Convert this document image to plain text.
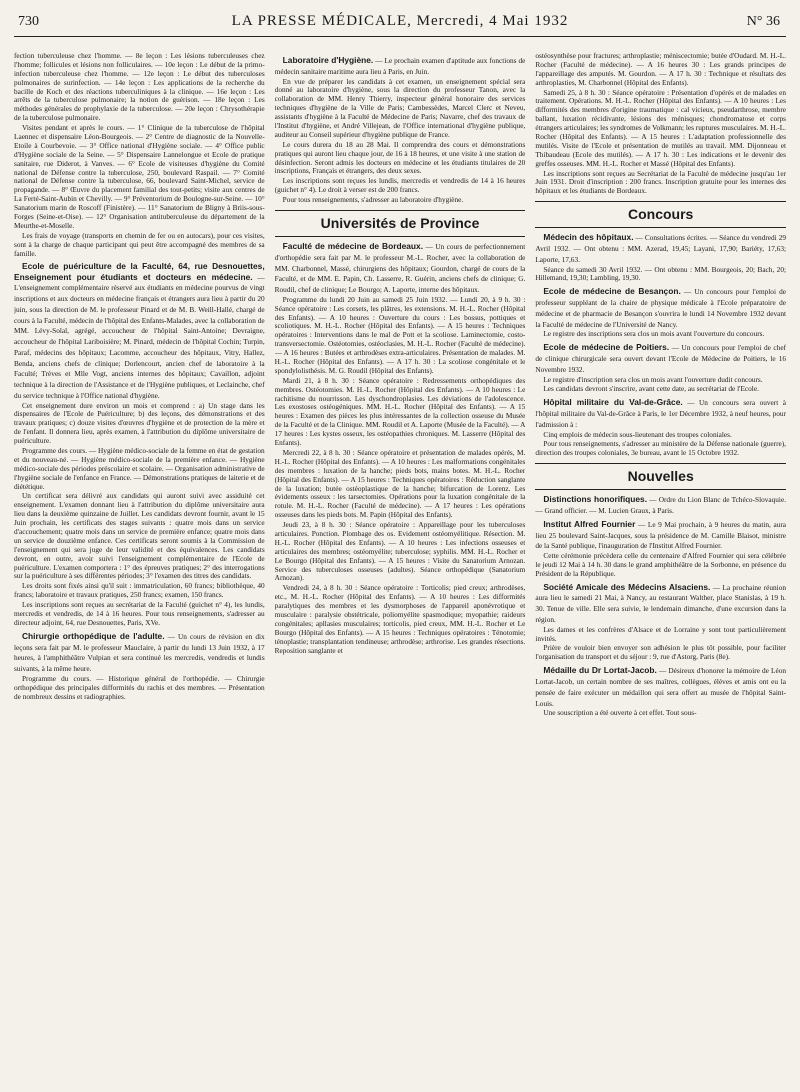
730	LA PRESSE MÉDICALE, Mercredi, 4 Mai 1932	N° 36

fection tuberculeuse chez l'homme. — 8e leçon : Les lésions tuberculeuses chez l'homme; follicules et lésions non folliculaires. — 10e leçon : Le début de la primo-infection tuberculeuse chez l'homme. — 12e leçon : Le début des tuberculoses pulmonaires de surinfection. — 14e leçon : Les applications de la recherche du bacille de Koch et des réactions tuberculiniques à la clinique. — 16e leçon : Les arrêts de la tuberculose pulmonaire; la notion de guérison. — 18e leçon : Les méthodes générales de prophylaxie de la tuberculose. — 20e leçon : Chrysothérapie de la tuberculose pulmonaire.

Visites pendant et après le cours. — 1° Clinique de la tuberculose de l'hôpital Laennec et dispensaire Léon-Bourgeois. — 2° Centre de diagnostic de la Nouvelle-Etoile à Courbevoie. — 3° Office national d'Hygiène sociale. — 4° Office public d'Hygiène sociale de la Seine. — 5° Dispensaire Lannelongue et Ecole de pratique sanitaire, rue Diderot, à Vanves. — 6° Ecole de visiteuses d'hygiène du Comité national de Défense contre la tuberculose, 250, boulevard Raspail. — 7° Comité national de Défense contre la tuberculose, 66, boulevard Saint-Michel, service de propagande. — 8° Œuvre du placement familial des tout-petits; visite aux centres de La Ferté-Saint-Aubin et Chevilly. — 9° Préventorium de Boulogne-sur-Seine. — 10° Sanatorium marin de Roscoff (Finistère). — 11° Sanatorium de Bligny à Briis-sous-Forges (Seine-et-Oise). — 12° Organisation antituberculeuse du département de la Meurthe-et-Moselle.

Les frais de voyage (transports en chemin de fer ou en autocars), pour ces visites, sont à la charge de chaque participant qui peut être accompagné des membres de sa famille.

Ecole de puériculture de la Faculté, 64, rue Desnouettes, Enseignement pour étudiants et docteurs en médecine. — L'enseignement complémentaire réservé aux étudiants en médecine pourvus de vingt inscriptions et aux docteurs en médecine français et étrangers aura lieu à partir du 20 juin, sous la direction de M. le professeur Pinard et de M. B. Weill-Hallé, chargé de cours à la Faculté, médecin de l'hôpital des Enfants-Malades, avec la collaboration de MM. Lévy-Solal, agrégé, accoucheur de l'hôpital Saint-Antoine; Devraigne, accoucheur de l'hôpital Lariboisière; M. Pinard, médecin de l'hôpital Cochin; Turpin, Paraf, médecins des hôpitaux; Lacomme, accoucheur des hôpitaux, Vitry, Hallez, Benda, anciens chefs de clinique; Dorlencourt, ancien chef de laboratoire à la Faculté; Trèves et Mlle Vogt, anciens internes des hôpitaux; Cavaillon, adjoint technique à la direction de l'Assistance et de l'Hygiène publiques, et Leclainche, chef du service technique à l'Office national d'hygiène.

Cet enseignement dure environ un mois et comprend : a) Un stage dans les dispensaires de l'Ecole de Puériculture; b) des leçons, des démonstrations et des travaux pratiques; c) douze visites d'œuvres d'hygiène et de protection de la mère et de l'enfant. Il donnera lieu, après examen, à l'attribution du diplôme universitaire de puériculture.

Programme des cours. — Hygiène médico-sociale de la femme en état de gestation et du nouveau-né. — Hygiène médico-sociale de la première enfance. — Hygiène médico-sociale des périodes préscolaire et scolaire. — Organisation administrative de l'hygiène sociale de l'enfance en France. — Démonstrations pratiques de laiterie et de diététique.

Un certificat sera délivré aux candidats qui auront suivi avec assiduité cet enseignement. L'examen donnant lieu à l'attribution du diplôme universitaire aura lieu dans la deuxième quinzaine de Juillet. Les candidats devront fournir, avant le 15 Juin prochain, les certificats des stages suivants : quatre mois dans un service d'accouchement; quatre mois dans un service de première enfance; quatre mois dans un service de douzième enfance. Ces certificats seront soumis à la Commission de l'enseignement qui sera juge de leur validité et des équivalences. Les candidats devront, en outre, avoir suivi l'enseignement complémentaire de l'Ecole de puériculture. L'examen comportera : 1° des épreuves pratiques; 2° des interrogations sur la puériculture à ses différentes périodes; 3° l'examen des titres des candidats.

Les droits sont fixés ainsi qu'il suit : immatriculation, 60 francs; bibliothèque, 40 francs; laboratoire et travaux pratiques, 250 francs; examen, 150 francs.

Les inscriptions sont reçues au secrétariat de la Faculté (guichet n° 4), les lundis, mercredis et vendredis, de 14 à 16 heures. Pour tous renseignements, s'adresser au directeur adjoint, 64, rue Desnouettes, Paris, XVe.

Chirurgie orthopédique de l'adulte. — Un cours de révision en dix leçons sera fait par M. le professeur Mauclaire, à partir du lundi 13 Juin 1932, à 17 heures, à l'amphithéâtre Vulpian et sera continué les mercredis, vendredis et lundis suivants, à la même heure.

Programme du cours. — Historique général de l'orthopédie. — Chirurgie orthopédique des principales difformités du rachis et des membres. — Présentation de nombreux dessins et radiographies.

Laboratoire d'Hygiène. — Le prochain examen d'aptitude aux fonctions de médecin sanitaire maritime aura lieu à Paris, en Juin.

En vue de préparer les candidats à cet examen, un enseignement spécial sera donné au laboratoire d'hygiène, sous la direction du professeur Tanon, avec la collaboration de MM. Henry Thierry, inspecteur général honoraire des services techniques d'hygiène de la Ville de Paris; Cambessèdes, Marcel Clerc et Neveu, assistants d'hygiène à la Faculté de Médecine de Paris; Navarre, chef des travaux de l'Institut d'hygiène, et André Villejean, de l'Office international d'hygiène publique, auditeur au Conseil supérieur d'hygiène publique de France.

Le cours durera du 18 au 28 Mai. Il comprendra des cours et démonstrations pratiques qui auront lieu chaque jour, de 16 à 18 heures, et une visite à une station de désinfection. Seront admis les docteurs en médecine et les étudiants titulaires de 20 inscriptions, Français et étrangers, des deux sexes.

Les inscriptions sont reçues les lundis, mercredis et vendredis de 14 à 16 heures (guichet n° 4). Le droit à verser est de 200 francs.

Pour tous renseignements, s'adresser au laboratoire d'hygiène.

Universités de Province
Faculté de médecine de Bordeaux. — Un cours de perfectionnement d'orthopédie sera fait par M. le professeur M.-L. Rocher, avec la collaboration de MM. Charbonnel, Massé, chirurgiens des hôpitaux; Gourdon, chargé de cours de la Faculté, et de MM. E. Papin, Ch. Lasserre, R. Guérin, anciens chefs de clinique; G. Roudil, chef de clinique; Le Bourgo; A. Laporte, interne des hôpitaux.

Programme du lundi 20 Juin au samedi 25 Juin 1932. — Lundi 20, à 9 h. 30 : Séance opératoire : Les corsets, les plâtres, les extensions. M. H.-L. Rocher (Hôpital des Enfants). — A 10 heures : Ouverture du cours : Les bossus, pottiques et scoliotiques. M. H.-L. Rocher (Hôpital des Enfants). — A 15 heures : Techniques opératoires : Interventions dans le mal de Pott et la scoliose. Laminectomie, costo-transversectomie. Ostéotomies, ostéoclasies, M. H.-L. Rocher (Faculté de médecine). — A 16 heures : Butées et arthrodèses extra-articulaires. Présentation de malades. M. H.-L. Rocher (Hôpital des Enfants). — A 17 h. 30 : La scoliose congénitale et le spondylolisthésis. M. G. Roudil (Hôpital des Enfants).

Mardi 21, à 8 h. 30 : Séance opératoire : Redressements orthopédiques des membres. Ostéotomies. M. H.-L. Rocher (Hôpital des Enfants). — A 10 heures : Le rachitisme du nourrisson. Les dyschondroplasies. Les déviations de l'adolescence. Les exostoses ostéogéniques. MM. H.-L. Rocher (Hôpital des Enfants). — A 15 heures : Examen des pièces les plus intéressantes de la collection osseuse du Musée de la Faculté et de la Clinique. MM. Roudil et A. Laporte (Musée de la Faculté). — A 17 heures : Les kystes osseux, les ostéopathies chroniques. M. Lasserre (Hôpital des Enfants).

Mercredi 22, à 8 h. 30 : Séance opératoire et présentation de malades opérés, M. H.-L. Rocher (Hôpital des Enfants). — A 10 heures : Les malformations congénitales des membres : luxation de la hanche; pieds bots, mains botes. M. H.-L. Rocher (Hôpital des Enfants). — A 15 heures : Techniques opératoires : Réduction sanglante de la luxation; butée ostéoplastique de la hanche; bifurcation de Lorenz. Les évidements osseux : les tarsectomies. Opérations pour la luxation congénitale de la rotule. M. H.-L. Rocher (Faculté de médecine). — A 17 heures : Les opérations osseuses dans les pieds bots. M. Papin (Hôpital des Enfants).

Jeudi 23, à 8 h. 30 : Séance opératoire : Appareillage pour les tuberculoses articulaires. Ponction. Plombage des os. Evidement ostéomyélitique. Résection. M. H.-L. Rocher (Hôpital des Enfants). — A 10 heures : Les infections osseuses et articulaires des membres; ostéomyélite; tuberculose; syphilis. MM. H.-L. Rocher et Le Bourgo (Hôpital des Enfants). — A 15 heures : Visite du Sanatorium Arnozan. Service des tuberculoses osseuses (adultes). Séance orthopédique (Sanatorium Arnozan).

Vendredi 24, à 8 h. 30 : Séance opératoire : Torticolis; pied creux; arthrodèses, etc., M. H.-L. Rocher (Hôpital des Enfants). — A 10 heures : Les difformités paralytiques des membres et les dysmorphoses de l'appareil aponévrotique et musculaire : paralysie obstétricale, poliomyélite spasmodique; myopathie; raideurs congénitales; apllasies musculaires; torticolis, pied creux, MM. H.-L. Rocher et Le Bourgo (Hôpital des Enfants). — A 15 heures : Techniques opératoires : Ténotomie; ténoplastie; transplantation tendineuse; arthrodèse; arthrorise. Les grandes résections. Reposition sanglante et

ostéosynthèse pour fractures; arthroplastie; méniscectomie; butée d'Oudard. M. H.-L. Rocher (Faculté de médecine). — A 16 heures 30 : Les grands principes de l'appareillage des amputés. M. Gourdon. — A 17 h. 30 : Technique et résultats des arthroplasties, M. Charbonnel (Hôpital des Enfants).

Samedi 25, à 8 h. 30 : Séance opératoire : Présentation d'opérés et de malades en traitement. Opérations. M. H.-L. Rocher (Hôpital des Enfants). — A 10 heures : Les difformités des membres d'origine traumatique : cal vicieux, pseudarthrose, membre ballant, luxation récidivante, lésions des ménisques; chondromatose et corps étrangers articulaires; les syndromes de Volkmann; les ruptures musculaires. M. H.-L. Rocher (Hôpital des Enfants). — A 15 heures : L'adaptation professionnelle des mutilés. Visite de l'Ecole et présentation de mutilés au travail. MM. Dijonneau et Thibaudeau (Ecole des mutilés). — A 17 h. 30 : Les indications et le devenir des greffes osseuses. MM. H.-L. Rocher et Massé (Hôpital des Enfants).

Les inscriptions sont reçues au Secrétariat de la Faculté de médecine jusqu'au 1er Juin 1931. Droit d'inscription : 200 francs. Inscription gratuite pour les internes des hôpitaux et les étudiants de Bordeaux.

Concours
Médecin des hôpitaux. — Consultations écrites. — Séance du vendredi 29 Avril 1932. — Ont obtenu : MM. Azerad, 19,45; Layani, 17,90; Bariéty, 17,63; Laporte, 17,63.

Séance du samedi 30 Avril 1932. — Ont obtenu : MM. Bourgeois, 20; Bach, 20; Hillemand, 19,30; Lambling, 19,30.

Ecole de médecine de Besançon. — Un concours pour l'emploi de professeur suppléant de la chaire de physique médicale à l'Ecole préparatoire de médecine et de pharmacie de Besançon s'ouvrira le lundi 14 Novembre 1932 devant la Faculté de médecine de l'Université de Nancy.

Le registre des inscriptions sera clos un mois avant l'ouverture du concours.

Ecole de médecine de Poitiers. — Un concours pour l'emploi de chef de clinique chirurgicale sera ouvert devant l'Ecole de Médecine de Poitiers, le 16 Novembre 1932.

Le registre d'inscription sera clos un mois avant l'ouverture dudit concours.

Les candidats devront s'inscrire, avant cette date, au secrétariat de l'Ecole.

Hôpital militaire du Val-de-Grâce. — Un concours sera ouvert à l'hôpital militaire du Val-de-Grâce à Paris, le 1er Décembre 1932, à neuf heures, pour l'admission à :

Cinq emplois de médecin sous-lieutenant des troupes coloniales.

Pour tous renseignements, s'adresser au ministère de la Défense nationale (guerre), direction des troupes coloniales, 3e bureau, avant le 15 Octobre 1932.

Nouvelles
Distinctions honorifiques. — Ordre du Lion Blanc de Tchéco-Slovaquie. — Grand officier. — M. Lucien Graux, à Paris.
Institut Alfred Fournier — Le 9 Mai prochain, à 9 heures du matin, aura lieu 25 boulevard Saint-Jacques, sous la présidence de M. Camille Blaisot, ministre de la Santé publique, l'inauguration de l'Institut Alfred Fournier.

Cette cérémonie précèdera celle du centenaire d'Alfred Fournier qui sera célébrée le jeudi 12 Mai à 14 h. 30 dans le grand amphithéâtre de la Sorbonne, en présence du Président de la République.

Société Amicale des Médecins Alsaciens. — La prochaine réunion aura lieu le samedi 21 Mai, à Nancy, au restaurant Walther, place Stanislas, à 19 h. 30. Tenue de ville. Elle sera suivie, le lendemain dimanche, d'une excursion dans la région.

Les dames et les confrères d'Alsace et de Lorraine y sont tout particulièrement invités.

Prière de vouloir bien envoyer son adhésion le plus tôt possible, pour faciliter l'organisation du transport et du séjour : 9, rue d'Astorg, Paris (8e).

Médaille du Dr Lortat-Jacob. — Désireux d'honorer la mémoire de Léon Lortat-Jacob, un certain nombre de ses maîtres, collègues, élèves et amis ont eu la pensée de faire exécuter un médaillon qui sera offert au musée de l'hôpital Saint-Louis.

Une souscription a été ouverte à cet effet. Tout sous-
